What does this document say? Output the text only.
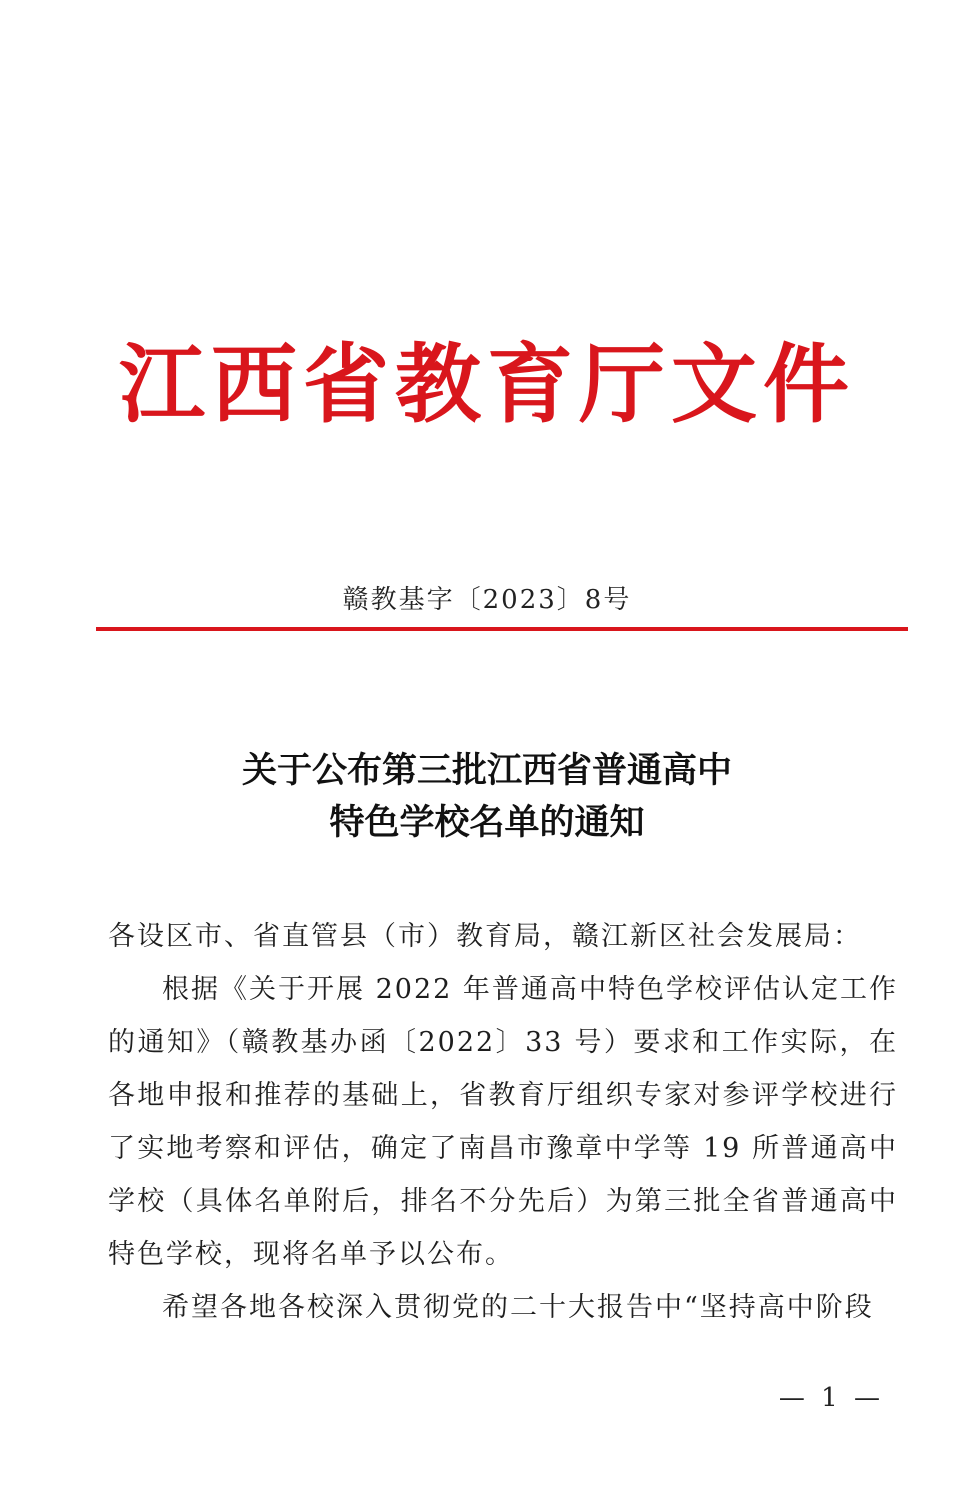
江西省教育厅文件
赣教基字〔2023〕8号
关于公布第三批江西省普通高中
特色学校名单的通知

各设区市、省直管县（市）教育局，赣江新区社会发展局：

根据《关于开展 2022 年普通高中特色学校评估认定工作的通知》（赣教基办函〔2022〕33 号）要求和工作实际，在各地申报和推荐的基础上，省教育厅组织专家对参评学校进行了实地考察和评估，确定了南昌市豫章中学等 19 所普通高中学校（具体名单附后，排名不分先后）为第三批全省普通高中特色学校，现将名单予以公布。

希望各地各校深入贯彻党的二十大报告中“坚持高中阶段

— 1 —
